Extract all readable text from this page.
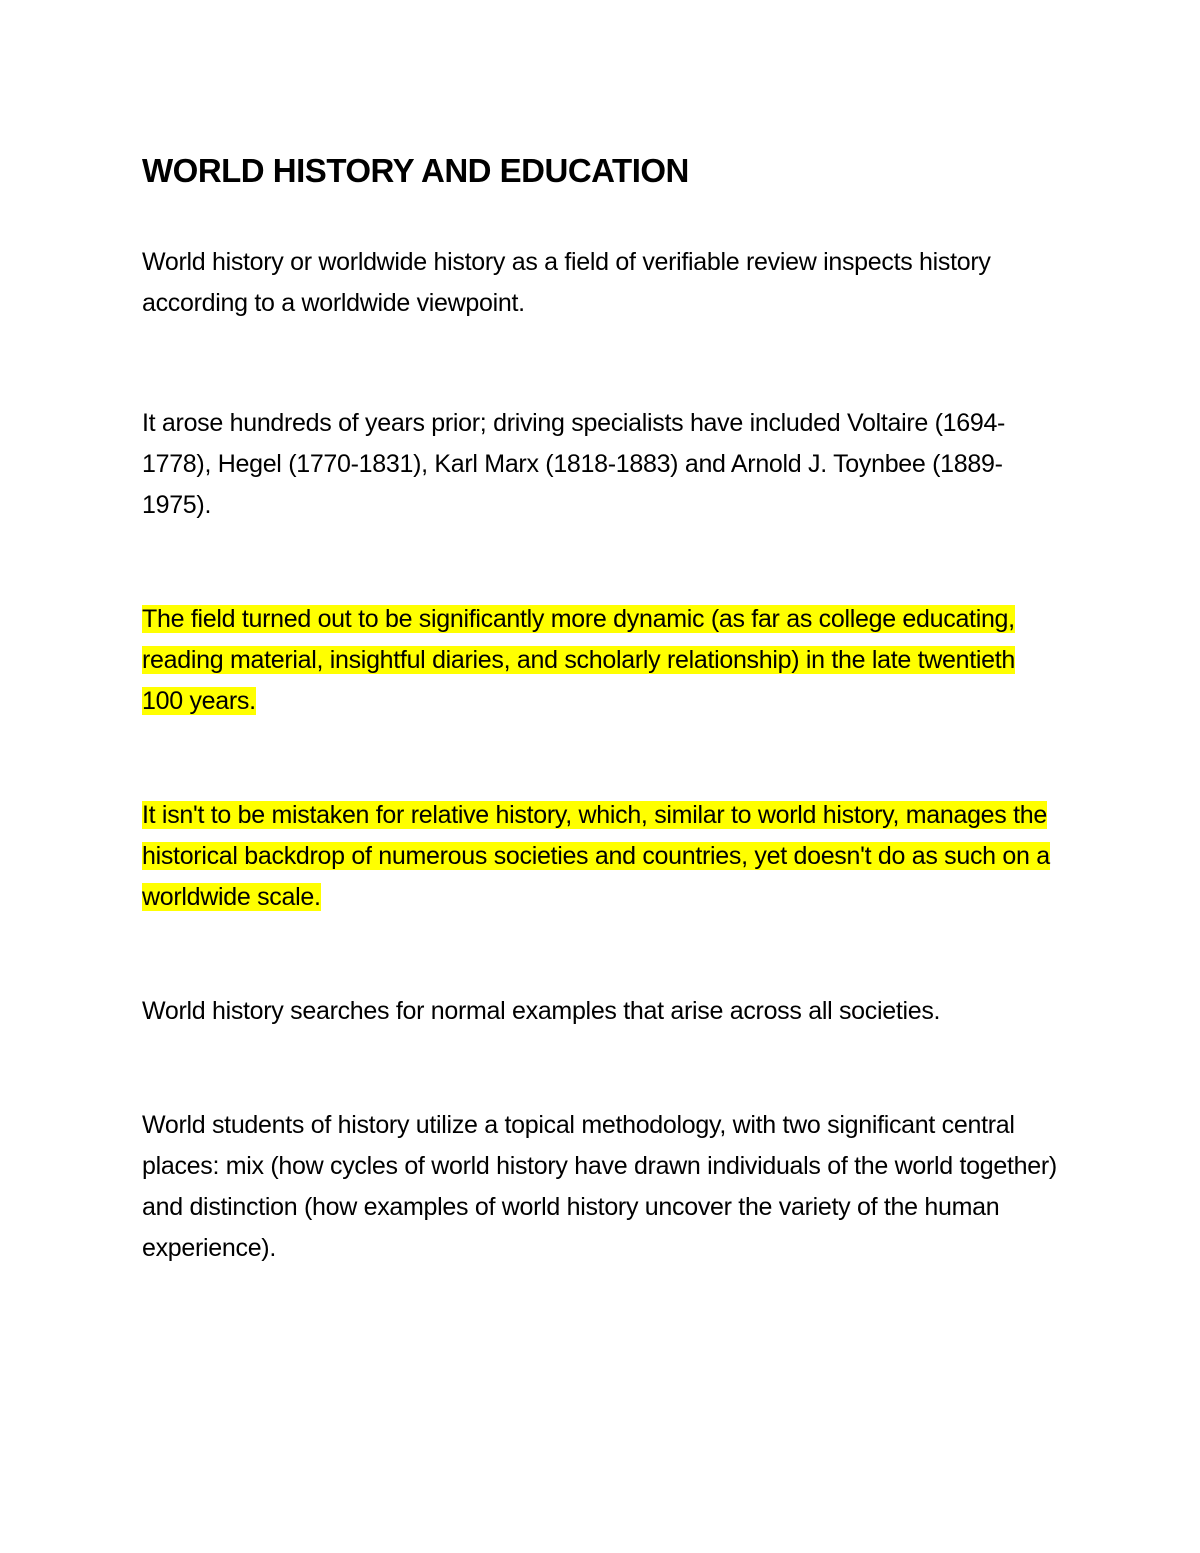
WORLD HISTORY AND EDUCATION

World history or worldwide history as a field of verifiable review inspects history according to a worldwide viewpoint.

It arose hundreds of years prior; driving specialists have included Voltaire (1694-1778), Hegel (1770-1831), Karl Marx (1818-1883) and Arnold J. Toynbee (1889-1975).

The field turned out to be significantly more dynamic (as far as college educating, reading material, insightful diaries, and scholarly relationship) in the late twentieth 100 years.

It isn't to be mistaken for relative history, which, similar to world history, manages the historical backdrop of numerous societies and countries, yet doesn't do as such on a worldwide scale.

World history searches for normal examples that arise across all societies.

World students of history utilize a topical methodology, with two significant central places: mix (how cycles of world history have drawn individuals of the world together) and distinction (how examples of world history uncover the variety of the human experience).
